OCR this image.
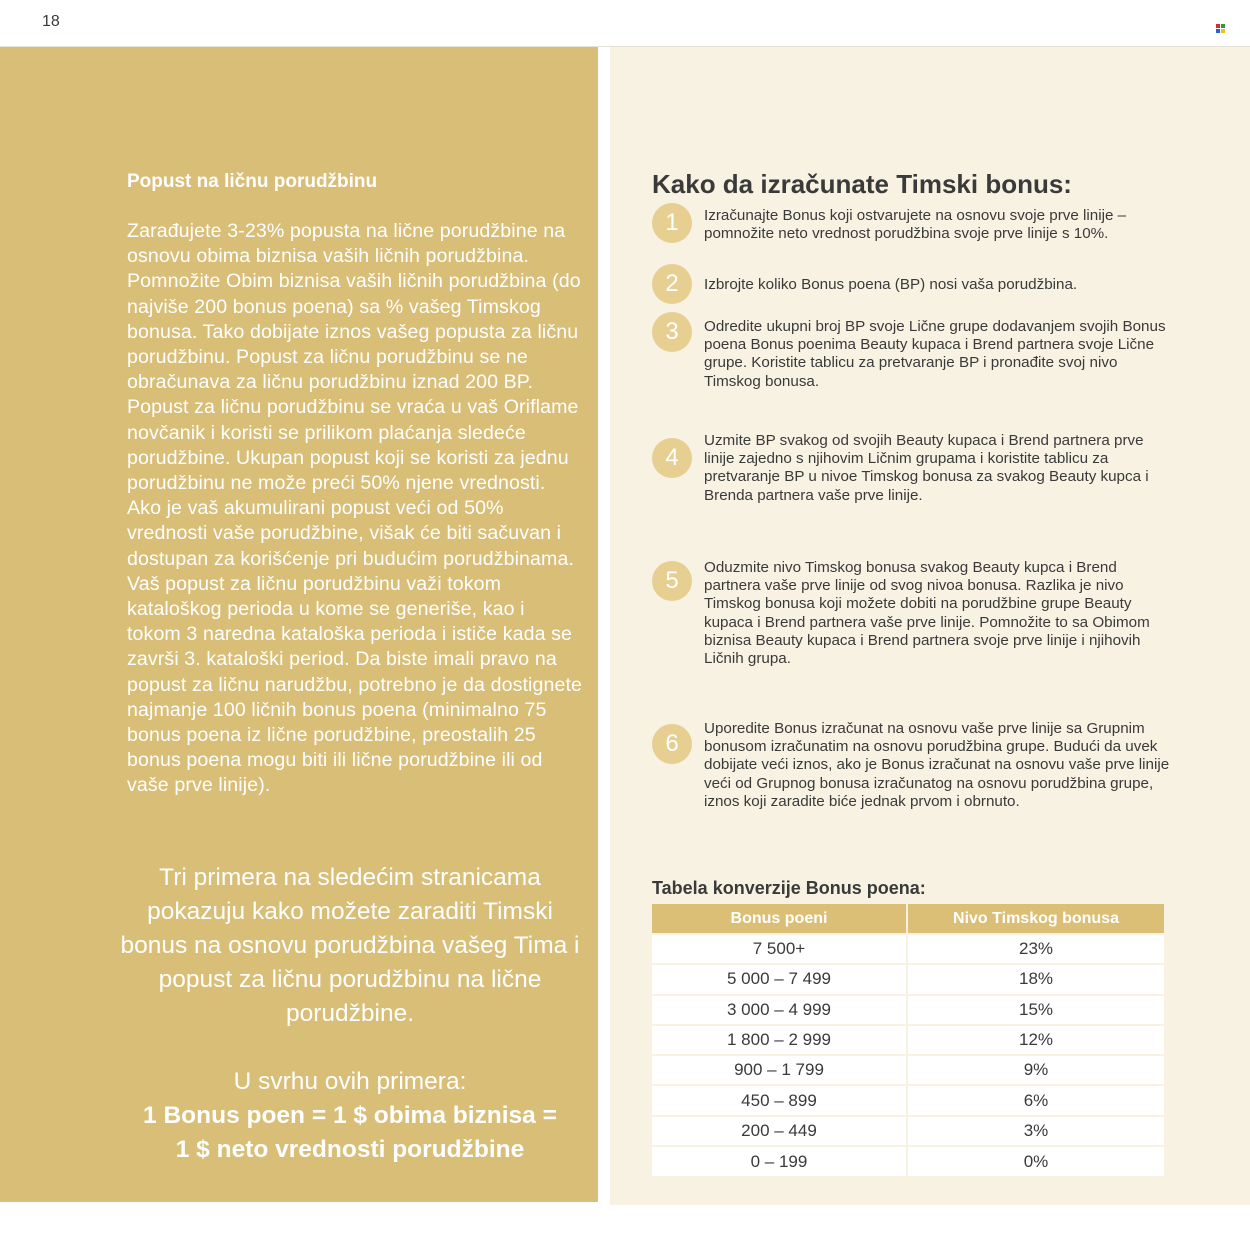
18
Popust na ličnu porudžbinu

Zarađujete 3-23% popusta na lične porudžbine na osnovu obima biznisa vaših ličnih porudžbina. Pomnožite Obim biznisa vaših ličnih porudžbina (do najviše 200 bonus poena) sa % vašeg Timskog bonusa. Tako dobijate iznos vašeg popusta za ličnu porudžbinu. Popust za ličnu porudžbinu se ne obračunava za ličnu porudžbinu iznad 200 BP. Popust za ličnu porudžbinu se vraća u vaš Oriflame novčanik i koristi se prilikom plaćanja sledeće porudžbine. Ukupan popust koji se koristi za jednu porudžbinu ne može preći 50% njene vrednosti. Ako je vaš akumulirani popust veći od 50% vrednosti vaše porudžbine, višak će biti sačuvan i dostupan za korišćenje pri budućim porudžbinama. Vaš popust za ličnu porudžbinu važi tokom kataloškog perioda u kome se generiše, kao i tokom 3 naredna kataloška perioda i ističe kada se završi 3. kataloški period. Da biste imali pravo na popust za ličnu narudžbu, potrebno je da dostignete najmanje 100 ličnih bonus poena (minimalno 75 bonus poena iz lične porudžbine, preostalih 25 bonus poena mogu biti ili lične porudžbine ili od vaše prve linije).

Tri primera na sledećim stranicama pokazuju kako možete zaraditi Timski bonus na osnovu porudžbina vašeg Tima i popust za ličnu porudžbinu na lične porudžbine.

U svrhu ovih primera:

1 Bonus poen = 1 $ obima biznisa =
1 $ neto vrednosti porudžbine
Kako da izračunate Timski bonus:
1	Izračunajte Bonus koji ostvarujete na osnovu svoje prve linije – pomnožite neto vrednost porudžbina svoje prve linije s 10%.

2	Izbrojte koliko Bonus poena (BP) nosi vaša porudžbina.

3	Odredite ukupni broj BP svoje Lične grupe dodavanjem svojih Bonus poena Bonus poenima Beauty kupaca i Brend partnera svoje Lične grupe. Koristite tablicu za pretvaranje BP i pronađite svoj nivo Timskog bonusa.

4

Uzmite BP svakog od svojih Beauty kupaca i Brend partnera prve linije zajedno s njihovim Ličnim grupama i koristite tablicu za pretvaranje BP u nivoe Timskog bonusa za svakog Beauty kupca i Brenda partnera vaše prve linije.

5	Oduzmite nivo Timskog bonusa svakog Beauty kupca i Brend partnera vaše prve linije od svog nivoa bonusa. Razlika je nivo Timskog bonusa koji možete dobiti na porudžbine grupe Beauty kupaca i Brend partnera vaše prve linije. Pomnožite to sa Obimom biznisa Beauty kupaca i Brend partnera svoje prve linije i njihovih Ličnih grupa.

6

Uporedite Bonus izračunat na osnovu vaše prve linije sa Grupnim bonusom izračunatim na osnovu porudžbina grupe. Budući da uvek dobijate veći iznos, ako je Bonus izračunat na osnovu vaše prve linije veći od Grupnog bonusa izračunatog na osnovu porudžbina grupe, iznos koji zaradite biće jednak prvom i obrnuto.

Tabela konverzije Bonus poena:
Bonus poeni	Nivo Timskog bonusa
7 500+	23%
5 000 – 7 499	18%
3 000 – 4 999	15%
1 800 – 2 999	12%
900 – 1 799	9%
450 – 899	6%
200 – 449	3%
0 – 199	0%
